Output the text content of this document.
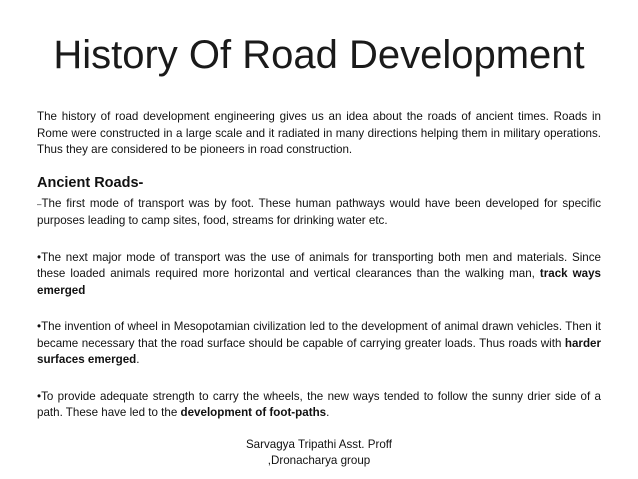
History Of Road Development

The history of road development engineering gives us an idea about the roads of ancient times. Roads in Rome were constructed in a large scale and it radiated in many directions helping them in military operations. Thus they are considered to be pioneers in road construction.

Ancient Roads-

–The first mode of transport was by foot. These human pathways would have been developed for specific purposes leading to camp sites, food, streams for drinking water etc.

•The next major mode of transport was the use of animals for transporting both men and materials. Since these loaded animals required more horizontal and vertical clearances than the walking man, track ways emerged

•The invention of wheel in Mesopotamian civilization led to the development of animal drawn vehicles. Then it became necessary that the road surface should be capable of carrying greater loads. Thus roads with harder surfaces emerged.

•To provide adequate strength to carry the wheels, the new ways tended to follow the sunny drier side of a path. These have led to the development of foot-paths.

Sarvagya Tripathi Asst. Proff
,Dronacharya group
